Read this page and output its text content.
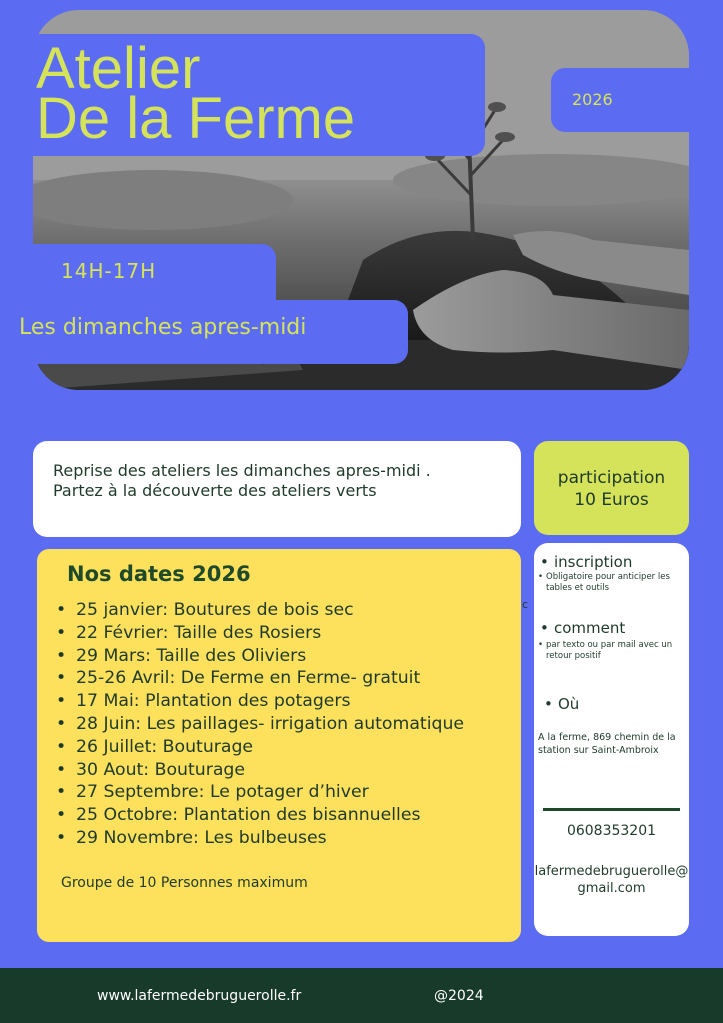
Atelier
De la Ferme	2026
14H-17H
Les dimanches apres-midi
Reprise des ateliers les dimanches apres-midi .
Partez à la découverte des ateliers verts
participation
10 Euros
Nos dates 2026
• 25 janvier: Boutures de bois sec
• 22 Février: Taille des Rosiers
• 29 Mars: Taille des Oliviers
• 25-26 Avril: De Ferme en Ferme- gratuit
• 17 Mai: Plantation des potagers
• 28 Juin: Les paillages- irrigation automatique
• 26 Juillet: Bouturage
• 30 Aout: Bouturage
• 27 Septembre: Le potager d’hiver
• 25 Octobre: Plantation des bisannuelles
• 29 Novembre: Les bulbeuses
Groupe de 10 Personnes maximum
c
• inscription
• Obligatoire pour anticiper les tables et outils
• comment
• par texto ou par mail avec un retour positif
• Où
A la ferme, 869 chemin de la station sur Saint-Ambroix
0608353201
lafermedebruguerolle@
gmail.com
www.lafermedebruguerolle.fr	@2024
